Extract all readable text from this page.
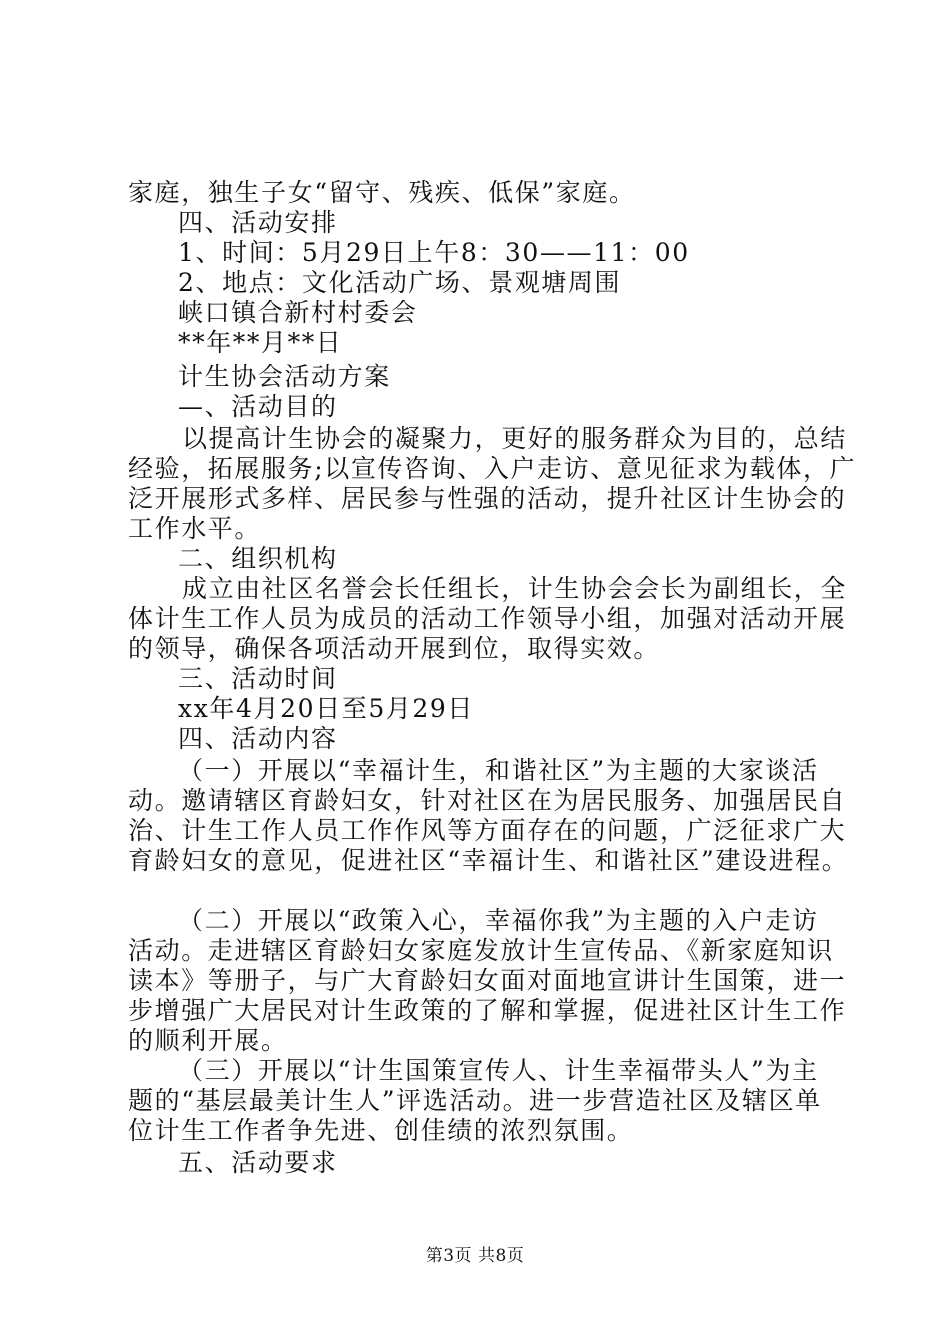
家庭，独生子女“留守、残疾、低保”家庭。
四、活动安排
1、时间：5月29日上午8：30——11：00
2、地点：文化活动广场、景观塘周围
峡口镇合新村村委会
**年**月**日
计生协会活动方案
—、活动目的
以提高计生协会的凝聚力，更好的服务群众为目的，总结
经验，拓展服务;以宣传咨询、入户走访、意见征求为载体，广
泛开展形式多样、居民参与性强的活动，提升社区计生协会的
工作水平。
二、组织机构
成立由社区名誉会长任组长，计生协会会长为副组长，全
体计生工作人员为成员的活动工作领导小组，加强对活动开展
的领导，确保各项活动开展到位，取得实效。
三、活动时间
xx年4月20日至5月29日
四、活动内容
（一）开展以“幸福计生，和谐社区”为主题的大家谈活
动。邀请辖区育龄妇女，针对社区在为居民服务、加强居民自
治、计生工作人员工作作风等方面存在的问题，广泛征求广大
育龄妇女的意见，促进社区“幸福计生、和谐社区”建设进程。
（二）开展以“政策入心，幸福你我”为主题的入户走访
活动。走进辖区育龄妇女家庭发放计生宣传品、《新家庭知识
读本》等册子，与广大育龄妇女面对面地宣讲计生国策，进一
步增强广大居民对计生政策的了解和掌握，促进社区计生工作
的顺利开展。
（三）开展以“计生国策宣传人、计生幸福带头人”为主
题的“基层最美计生人”评选活动。进一步营造社区及辖区单
位计生工作者争先进、创佳绩的浓烈氛围。
五、活动要求
第3页 共8页
